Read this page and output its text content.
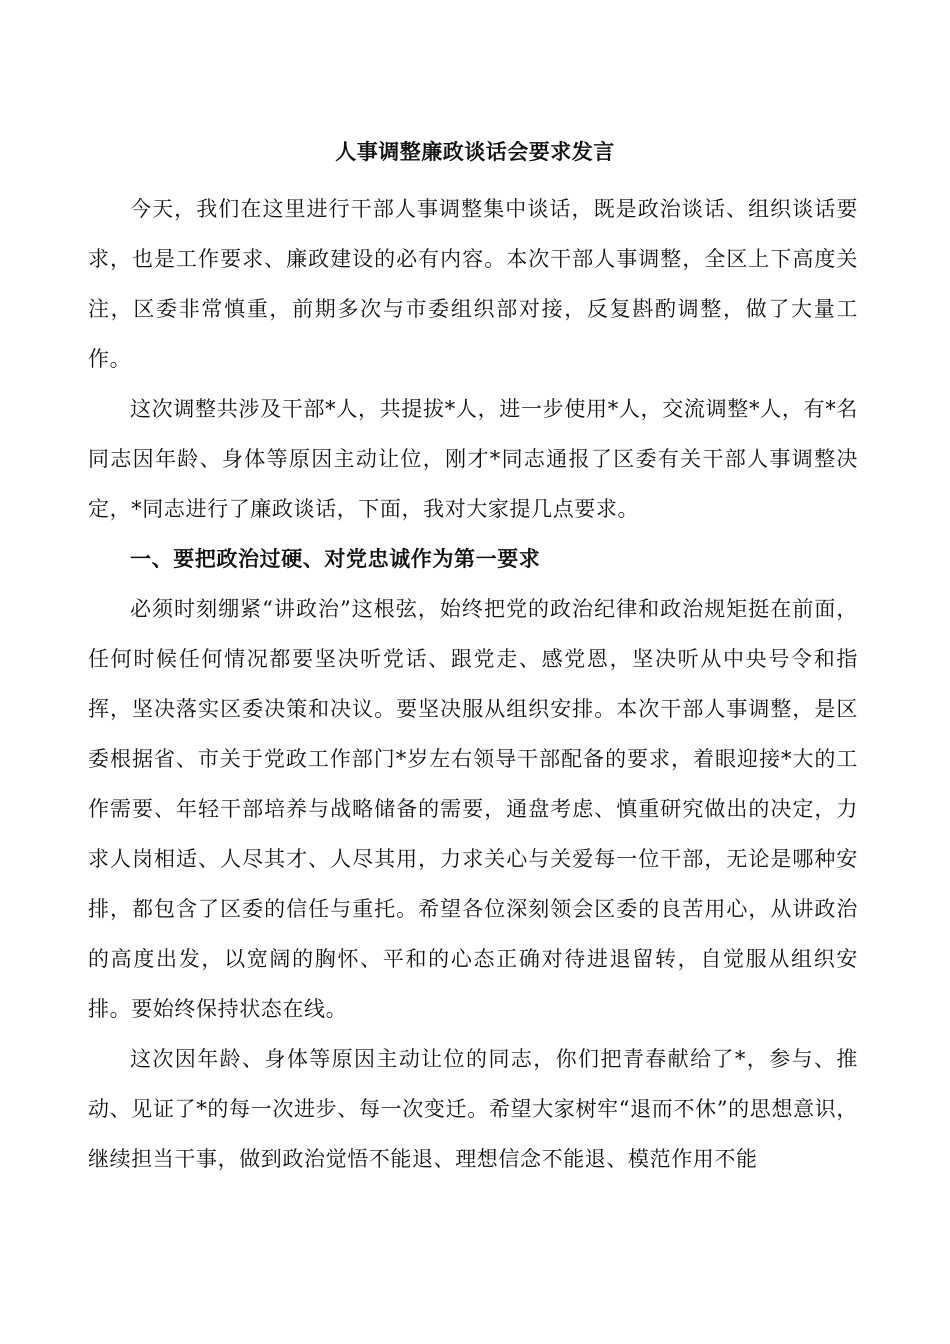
人事调整廉政谈话会要求发言

今天，我们在这里进行干部人事调整集中谈话，既是政治谈话、组织谈话要求，也是工作要求、廉政建设的必有内容。本次干部人事调整，全区上下高度关注，区委非常慎重，前期多次与市委组织部对接，反复斟酌调整，做了大量工作。

这次调整共涉及干部*人，共提拔*人，进一步使用*人，交流调整*人，有*名同志因年龄、身体等原因主动让位，刚才*同志通报了区委有关干部人事调整决定，*同志进行了廉政谈话，下面，我对大家提几点要求。

一、要把政治过硬、对党忠诚作为第一要求

必须时刻绷紧“讲政治”这根弦，始终把党的政治纪律和政治规矩挺在前面，任何时候任何情况都要坚决听党话、跟党走、感党恩，坚决听从中央号令和指挥，坚决落实区委决策和决议。要坚决服从组织安排。本次干部人事调整，是区委根据省、市关于党政工作部门*岁左右领导干部配备的要求，着眼迎接*大的工作需要、年轻干部培养与战略储备的需要，通盘考虑、慎重研究做出的决定，力求人岗相适、人尽其才、人尽其用，力求关心与关爱每一位干部，无论是哪种安排，都包含了区委的信任与重托。希望各位深刻领会区委的良苦用心，从讲政治的高度出发，以宽阔的胸怀、平和的心态正确对待进退留转，自觉服从组织安排。要始终保持状态在线。

这次因年龄、身体等原因主动让位的同志，你们把青春献给了*，参与、推动、见证了*的每一次进步、每一次变迁。希望大家树牢“退而不休”的思想意识，继续担当干事，做到政治觉悟不能退、理想信念不能退、模范作用不能
